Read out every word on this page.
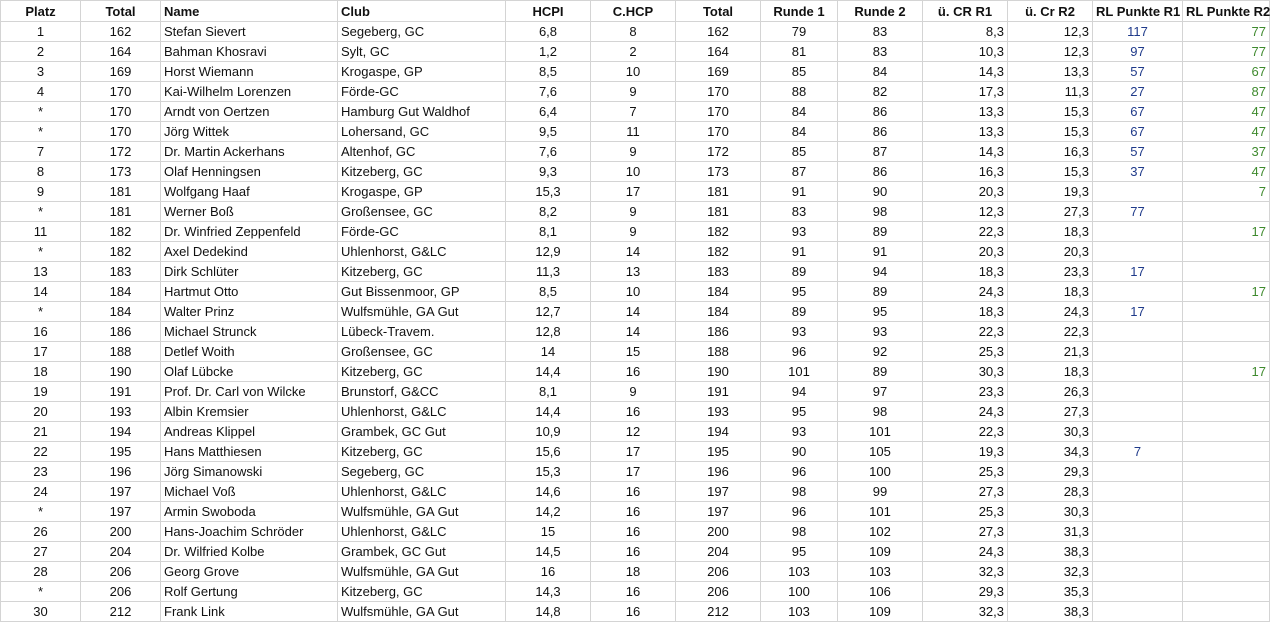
Platz	Total	Name	Club	HCPI	C.HCP	Total	Runde 1	Runde 2	ü. CR R1	ü. Cr R2	RL Punkte R1	RL Punkte R2
1	162	Stefan Sievert	Segeberg, GC	6,8	8	162	79	83	8,3	12,3	117	77
2	164	Bahman Khosravi	Sylt, GC	1,2	2	164	81	83	10,3	12,3	97	77
3	169	Horst Wiemann	Krogaspe, GP	8,5	10	169	85	84	14,3	13,3	57	67
4	170	Kai-Wilhelm Lorenzen	Förde-GC	7,6	9	170	88	82	17,3	11,3	27	87
*	170	Arndt von Oertzen	Hamburg Gut Waldhof	6,4	7	170	84	86	13,3	15,3	67	47
*	170	Jörg Wittek	Lohersand, GC	9,5	11	170	84	86	13,3	15,3	67	47
7	172	Dr. Martin Ackerhans	Altenhof, GC	7,6	9	172	85	87	14,3	16,3	57	37
8	173	Olaf Henningsen	Kitzeberg, GC	9,3	10	173	87	86	16,3	15,3	37	47
9	181	Wolfgang Haaf	Krogaspe, GP	15,3	17	181	91	90	20,3	19,3		7
*	181	Werner Boß	Großensee, GC	8,2	9	181	83	98	12,3	27,3	77	
11	182	Dr. Winfried Zeppenfeld	Förde-GC	8,1	9	182	93	89	22,3	18,3		17
*	182	Axel Dedekind	Uhlenhorst, G&LC	12,9	14	182	91	91	20,3	20,3		
13	183	Dirk Schlüter	Kitzeberg, GC	11,3	13	183	89	94	18,3	23,3	17	
14	184	Hartmut Otto	Gut Bissenmoor, GP	8,5	10	184	95	89	24,3	18,3		17
*	184	Walter Prinz	Wulfsmühle, GA Gut	12,7	14	184	89	95	18,3	24,3	17	
16	186	Michael Strunck	Lübeck-Travem.	12,8	14	186	93	93	22,3	22,3		
17	188	Detlef Woith	Großensee, GC	14	15	188	96	92	25,3	21,3		
18	190	Olaf Lübcke	Kitzeberg, GC	14,4	16	190	101	89	30,3	18,3		17
19	191	Prof. Dr. Carl von Wilcke	Brunstorf, G&CC	8,1	9	191	94	97	23,3	26,3		
20	193	Albin Kremsier	Uhlenhorst, G&LC	14,4	16	193	95	98	24,3	27,3		
21	194	Andreas Klippel	Grambek, GC Gut	10,9	12	194	93	101	22,3	30,3		
22	195	Hans Matthiesen	Kitzeberg, GC	15,6	17	195	90	105	19,3	34,3	7	
23	196	Jörg Simanowski	Segeberg, GC	15,3	17	196	96	100	25,3	29,3		
24	197	Michael Voß	Uhlenhorst, G&LC	14,6	16	197	98	99	27,3	28,3		
*	197	Armin Swoboda	Wulfsmühle, GA Gut	14,2	16	197	96	101	25,3	30,3		
26	200	Hans-Joachim Schröder	Uhlenhorst, G&LC	15	16	200	98	102	27,3	31,3		
27	204	Dr. Wilfried Kolbe	Grambek, GC Gut	14,5	16	204	95	109	24,3	38,3		
28	206	Georg Grove	Wulfsmühle, GA Gut	16	18	206	103	103	32,3	32,3		
*	206	Rolf Gertung	Kitzeberg, GC	14,3	16	206	100	106	29,3	35,3		
30	212	Frank Link	Wulfsmühle, GA Gut	14,8	16	212	103	109	32,3	38,3		
